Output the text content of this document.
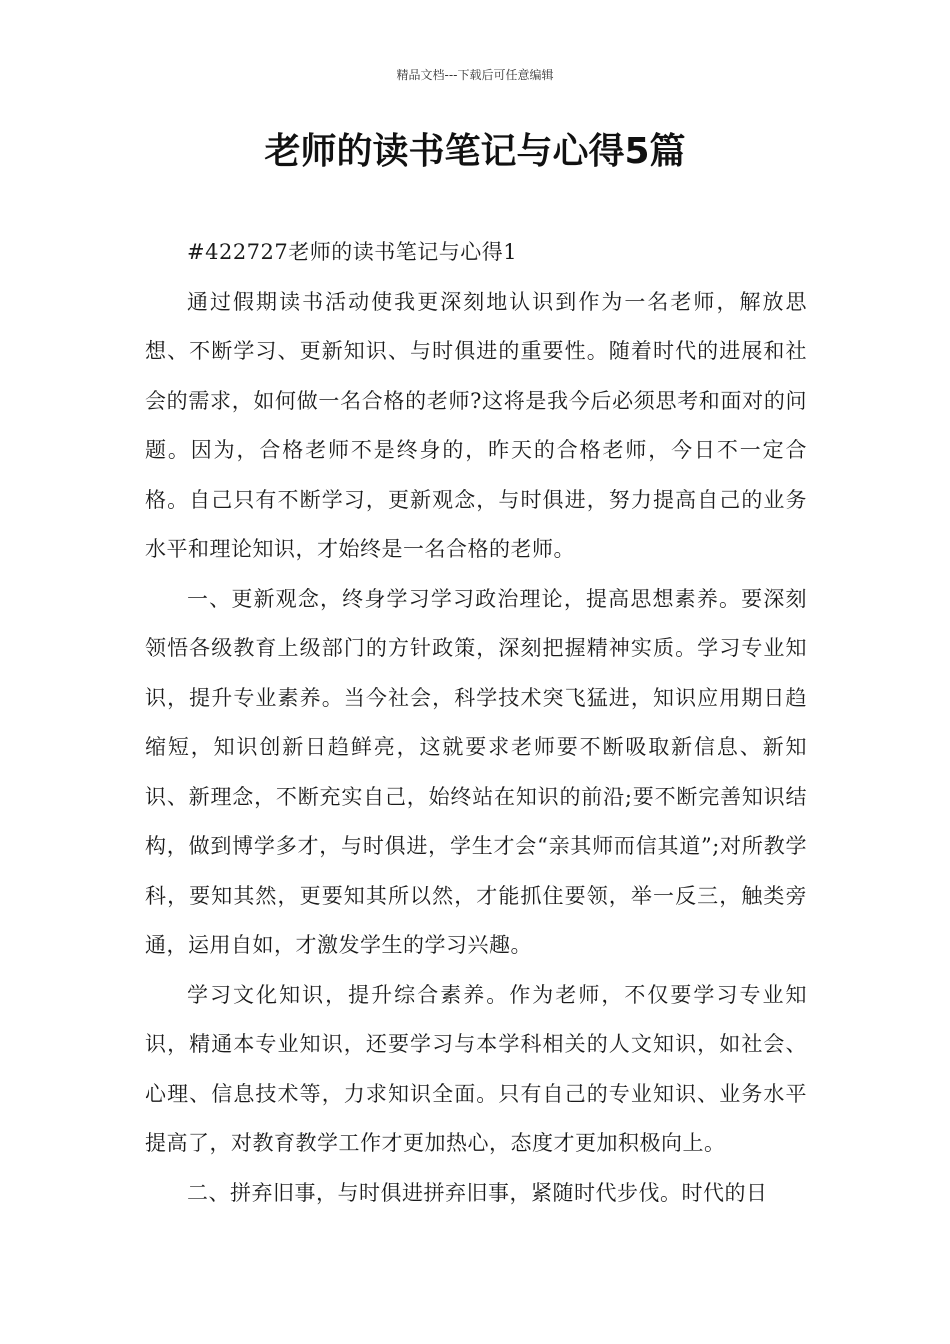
精品文档---下载后可任意编辑
老师的读书笔记与心得5篇

#422727老师的读书笔记与心得1

通过假期读书活动使我更深刻地认识到作为一名老师，解放思想、不断学习、更新知识、与时俱进的重要性。随着时代的进展和社会的需求，如何做一名合格的老师?这将是我今后必须思考和面对的问题。因为，合格老师不是终身的，昨天的合格老师，今日不一定合格。自己只有不断学习，更新观念，与时俱进，努力提高自己的业务水平和理论知识，才始终是一名合格的老师。

一、更新观念，终身学习学习政治理论，提高思想素养。要深刻领悟各级教育上级部门的方针政策，深刻把握精神实质。学习专业知识，提升专业素养。当今社会，科学技术突飞猛进，知识应用期日趋缩短，知识创新日趋鲜亮，这就要求老师要不断吸取新信息、新知识、新理念，不断充实自己，始终站在知识的前沿;要不断完善知识结构，做到博学多才，与时俱进，学生才会“亲其师而信其道”;对所教学科，要知其然，更要知其所以然，才能抓住要领，举一反三，触类旁通，运用自如，才激发学生的学习兴趣。

学习文化知识，提升综合素养。作为老师，不仅要学习专业知识，精通本专业知识，还要学习与本学科相关的人文知识，如社会、心理、信息技术等，力求知识全面。只有自己的专业知识、业务水平提高了，对教育教学工作才更加热心，态度才更加积极向上。

二、拼弃旧事，与时俱进拼弃旧事，紧随时代步伐。时代的日
